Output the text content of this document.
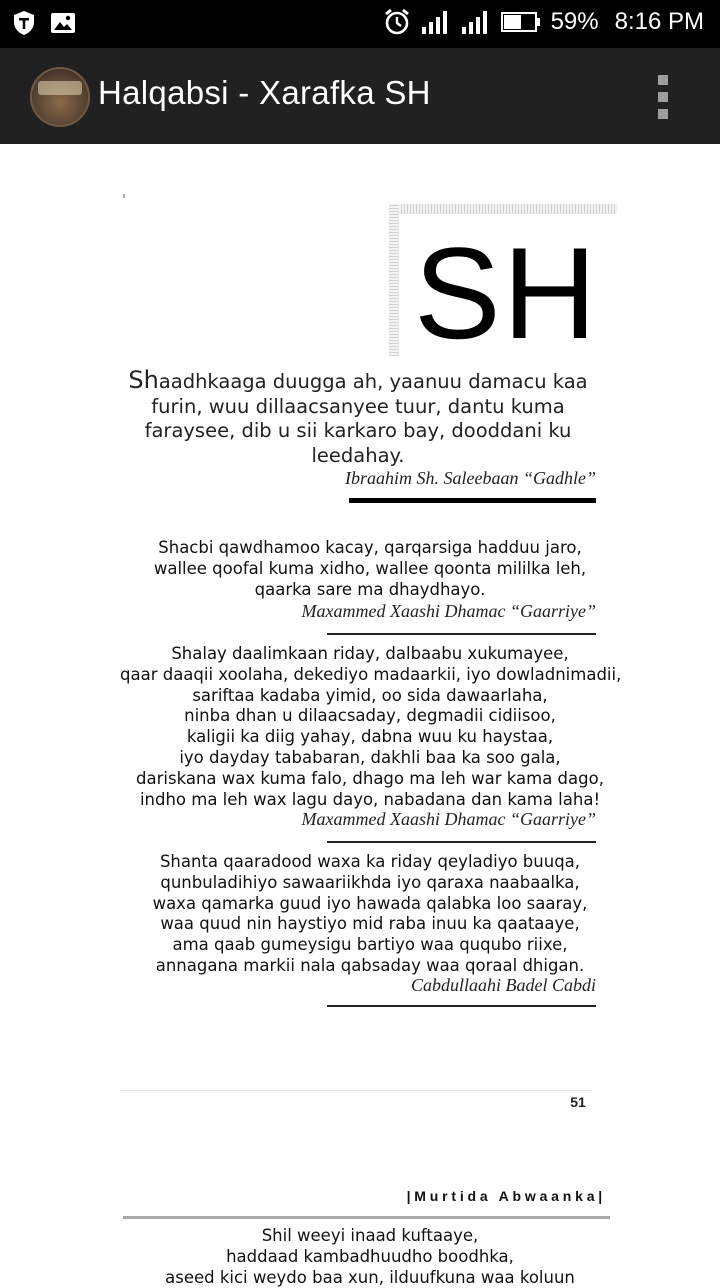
59% 8:16 PM
Halqabsi - Xarafka SH
SH
Shaadhkaaga duugga ah, yaanuu damacu kaa furin, wuu dillaacsanyee tuur, dantu kuma faraysee, dib u sii karkaro bay, dooddani ku leedahay.
Ibraahim Sh. Saleebaan “Gadhle”
Shacbi qawdhamoo kacay, qarqarsiga hadduu jaro,
wallee qoofal kuma xidho, wallee qoonta mililka leh,
qaarka sare ma dhaydhayo.
Maxammed Xaashi Dhamac “Gaarriye”
Shalay daalimkaan riday, dalbaabu xukumayee,
qaar daaqii xoolaha, dekediyo madaarkii, iyo dowladnimadii,
sariftaa kadaba yimid, oo sida dawaarlaha,
ninba dhan u dilaacsaday, degmadii cidiisoo,
kaligii ka diig yahay, dabna wuu ku haystaa,
iyo dayday tababaran, dakhli baa ka soo gala,
dariskana wax kuma falo, dhago ma leh war kama dago,
indho ma leh wax lagu dayo, nabadana dan kama laha!
Maxammed Xaashi Dhamac “Gaarriye”
Shanta qaaradood waxa ka riday qeyladiyo buuqa,
qunbuladihiyo sawaariikhda iyo qaraxa naabaalka,
waxa qamarka guud iyo hawada qalabka loo saaray,
waa quud nin haystiyo mid raba inuu ka qaataaye,
ama qaab gumeysigu bartiyo waa ququbo riixe,
annagana markii nala qabsaday waa qoraal dhigan.
Cabdullaahi Badel Cabdi
51
|Murtida Abwaanka|
Shil weeyi inaad kuftaaye,
haddaad kambadhuudho boodhka,
aseed kici weydo baa xun, ilduufkuna waa koluun
